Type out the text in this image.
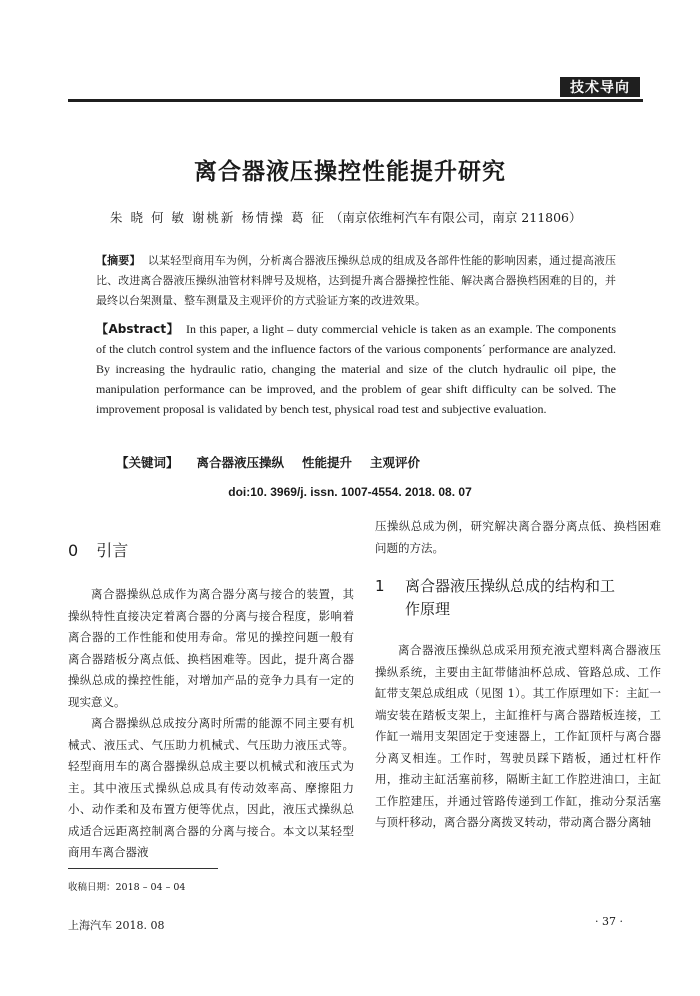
技术导向
离合器液压操控性能提升研究
朱 晓 何 敏 谢桃新 杨情操 葛 征 （南京依维柯汽车有限公司，南京 211806）
【摘要】 以某轻型商用车为例，分析离合器液压操纵总成的组成及各部件性能的影响因素，通过提高液压比、改进离合器液压操纵油管材料牌号及规格，达到提升离合器操控性能、解决离合器换档困难的目的，并最终以台架测量、整车测量及主观评价的方式验证方案的改进效果。
【Abstract】 In this paper, a light – duty commercial vehicle is taken as an example. The components of the clutch control system and the influence factors of the various components´ performance are analyzed. By increasing the hydraulic ratio, changing the material and size of the clutch hydraulic oil pipe, the manipulation performance can be improved, and the problem of gear shift difficulty can be solved. The improvement proposal is validated by bench test, physical road test and subjective evaluation.
【关键词】 离合器液压操纵 性能提升 主观评价
doi:10. 3969/j. issn. 1007-4554. 2018. 08. 07
0 引言

离合器操纵总成作为离合器分离与接合的装置，其操纵特性直接决定着离合器的分离与接合程度，影响着离合器的工作性能和使用寿命。常见的操控问题一般有离合器踏板分离点低、换档困难等。因此，提升离合器操纵总成的操控性能，对增加产品的竞争力具有一定的现实意义。

离合器操纵总成按分离时所需的能源不同主要有机械式、液压式、气压助力机械式、气压助力液压式等。轻型商用车的离合器操纵总成主要以机械式和液压式为主。其中液压式操纵总成具有传动效率高、摩擦阻力小、动作柔和及布置方便等优点，因此，液压式操纵总成适合远距离控制离合器的分离与接合。本文以某轻型商用车离合器液

压操纵总成为例，研究解决离合器分离点低、换档困难问题的方法。

1 离合器液压操纵总成的结构和工
作原理

离合器液压操纵总成采用预充液式塑料离合器液压操纵系统，主要由主缸带储油杯总成、管路总成、工作缸带支架总成组成（见图 1）。其工作原理如下：主缸一端安装在踏板支架上，主缸推杆与离合器踏板连接，工作缸一端用支架固定于变速器上，工作缸顶杆与离合器分离叉相连。工作时，驾驶员踩下踏板，通过杠杆作用，推动主缸活塞前移，隔断主缸工作腔进油口，主缸工作腔建压，并通过管路传递到工作缸，推动分泵活塞与顶杆移动，离合器分离拨叉转动，带动离合器分离轴

收稿日期：2018 – 04 – 04
上海汽车 2018. 08	· 37 ·
